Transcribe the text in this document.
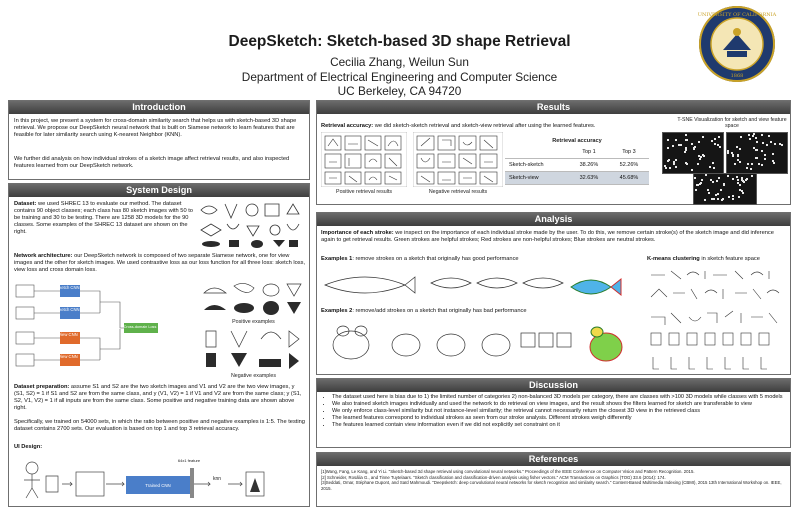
DeepSketch: Sketch-based 3D shape Retrieval
Cecilia Zhang, Weilun Sun
Department of Electrical Engineering and Computer Science
UC Berkeley, CA 94720
UNIVERSITY OF CALIFORNIA
1868
Introduction
In this project, we present a system for cross-domain similarity search that helps us with sketch-based 3D shape retrieval. We propose our DeepSketch neural network that is built on Siamese network to learn features that are feasible for later similarity search using K-nearest Neighbor (KNN).
We further did analysis on how individual strokes of a sketch image affect retrieval results, and also inspected features learned from our DeepSketch network.
System Design
Dataset: we used SHREC 13 to evaluate our method. The dataset contains 90 object classes; each class has 80 sketch images with 50 to be training and 30 to be testing. There are 1258 3D models for the 90 classes. Some examples of the SHREC 13 dataset are shown on the right.
Network architecture: our DeepSketch network is composed of two separate Siamese network, one for view images and the other for sketch images. We used contrastive loss as our loss function for all three loss: sketch loss, view loss and cross domain loss.
Sketch CNN
Sketch CNN
View CNN
View CNN
Cross-domain Loss
Positive examples
Negative examples
Dataset preparation: assume S1 and S2 are the two sketch images and V1 and V2 are the two view images, y (S1, S2) = 1 if S1 and S2 are from the same class, and y (V1, V2) = 1 if V1 and V2 are from the same class; y (S1, S2, V1, V2) = 1 if all inputs are from the same class. Some positive and negative training data are shown above right.
Specifically, we trained on 54000 sets, in which the ratio between positive and negative examples is 1:5. The testing dataset contains 2700 sets. Our evaluation is based on top 1 and top 3 retrieval accuracy.
UI Design:
Trained CNN
64x1 feature
knn
Results
Retrieval accuracy: we did sketch-sketch retrieval and sketch-view retrieval after using the learned features.
Positive retrieval results	Negative retrieval results
Retrieval accuracy
	Top 1	Top 3
Sketch-sketch	38.26%	52.26%
Sketch-view	32.63%	45.68%
T-SNE Visualization for sketch and view feature space
Analysis
Importance of each stroke: we inspect on the importance of each individual stroke made by the user. To do this, we remove certain stroke(s) of the sketch image and did inference again to get retrieval results. Green strokes are helpful strokes; Red strokes are non-helpful strokes; Blue strokes are neutral strokes.
Examples 1: remove strokes on a sketch that originally has good performance
Examples 2: remove/add strokes on a sketch that originally has bad performance
K-means clustering in sketch feature space
Discussion
• The dataset used here is bias due to 1) the limited number of categories 2) non-balanced 3D models per category, there are classes with >100 3D models while classes with 5 models
• We also trained sketch images individually and used the network to do retrieval on view images, and the result shows the filters learned for sketch are transferable to view
• We only enforce class-level similarity but not instance-level similarity; the retrieval cannot necessarily return the closest 3D view in the retrieved class
• The learned features correspond to individual strokes as seen from our stroke analysis. Different strokes weigh differently
• The features learned contain view information even if we did not explicitly set constraint on it
References
[1]Wang, Fang, Le Kang, and Yi Li. "Sketch-based 3d shape retrieval using convolutional neural networks." Proceedings of the IEEE Conference on Computer Vision and Pattern Recognition. 2015.
[2] Schneider, Rosália G., and Tinne Tuytelaars. "Sketch classification and classification-driven analysis using fisher vectors." ACM Transactions on Graphics (TOG) 33.6 (2014): 174.
[3]Seddati, Omar, Stéphane Dupont, and Saïd Mahmoudi. "Deepsketch: deep convolutional neural networks for sketch recognition and similarity search." Content-Based Multimedia Indexing (CBMI), 2015 13th International Workshop on. IEEE, 2015.
